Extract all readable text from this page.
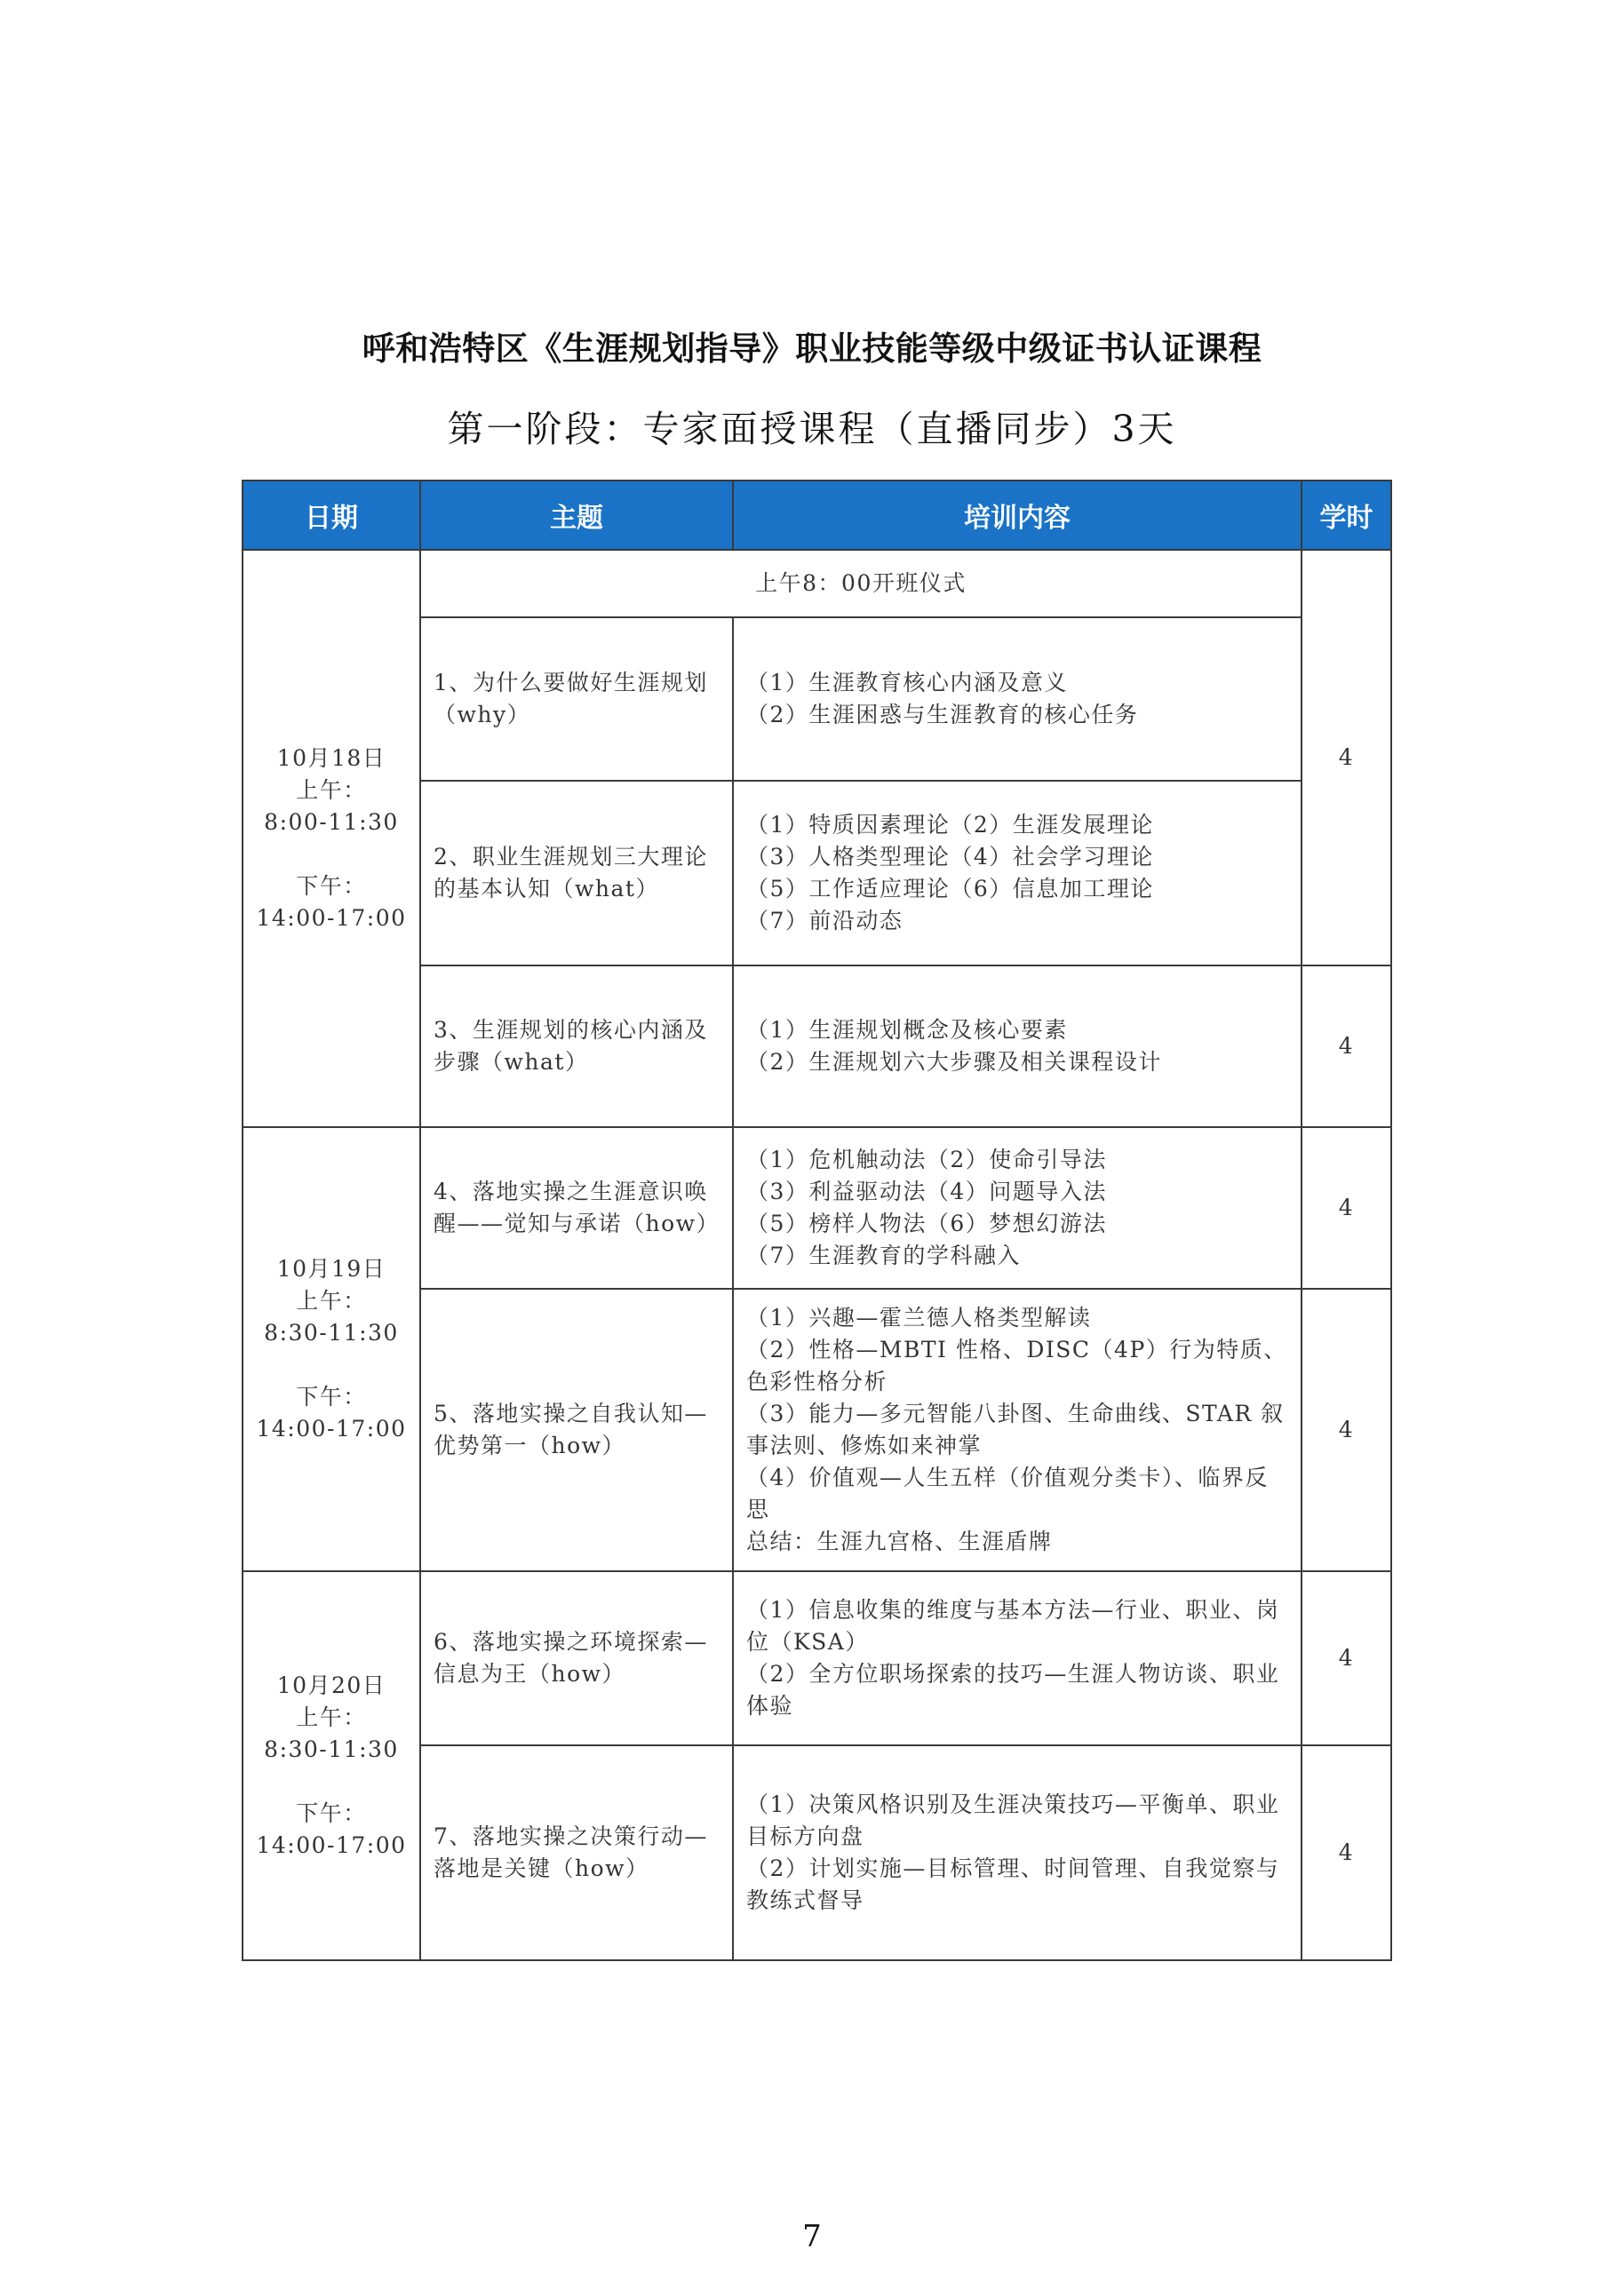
呼和浩特区《生涯规划指导》职业技能等级中级证书认证课程
第一阶段：专家面授课程（直播同步）3天
日期	主题	培训内容	学时

10月18日
上午：
8:00-11:30
下午：
14:00-17:00	上午8：00开班仪式		4
	1、为什么要做好生涯规划（why）	（1）生涯教育核心内涵及意义
（2）生涯困惑与生涯教育的核心任务	

	2、职业生涯规划三大理论的基本认知（what）	（1）特质因素理论（2）生涯发展理论
（3）人格类型理论（4）社会学习理论
（5）工作适应理论（6）信息加工理论
（7）前沿动态	

	3、生涯规划的核心内涵及步骤（what）	（1）生涯规划概念及核心要素
（2）生涯规划六大步骤及相关课程设计	4

10月19日
上午：
8:30-11:30
下午：
14:00-17:00	4、落地实操之生涯意识唤醒——觉知与承诺（how）	（1）危机触动法（2）使命引导法
（3）利益驱动法（4）问题导入法
（5）榜样人物法（6）梦想幻游法
（7）生涯教育的学科融入	4
	5、落地实操之自我认知—优势第一（how）	（1）兴趣—霍兰德人格类型解读
（2）性格—MBTI 性格、DISC（4P）行为特质、色彩性格分析
（3）能力—多元智能八卦图、生命曲线、STAR 叙事法则、修炼如来神掌
（4）价值观—人生五样（价值观分类卡）、临界反思
总结：生涯九宫格、生涯盾牌	4

10月20日
上午：
8:30-11:30
下午：
14:00-17:00	6、落地实操之环境探索—信息为王（how）	（1）信息收集的维度与基本方法—行业、职业、岗位（KSA）
（2）全方位职场探索的技巧—生涯人物访谈、职业体验	4
	7、落地实操之决策行动—落地是关键（how）	（1）决策风格识别及生涯决策技巧—平衡单、职业目标方向盘
（2）计划实施—目标管理、时间管理、自我觉察与教练式督导	4
7
